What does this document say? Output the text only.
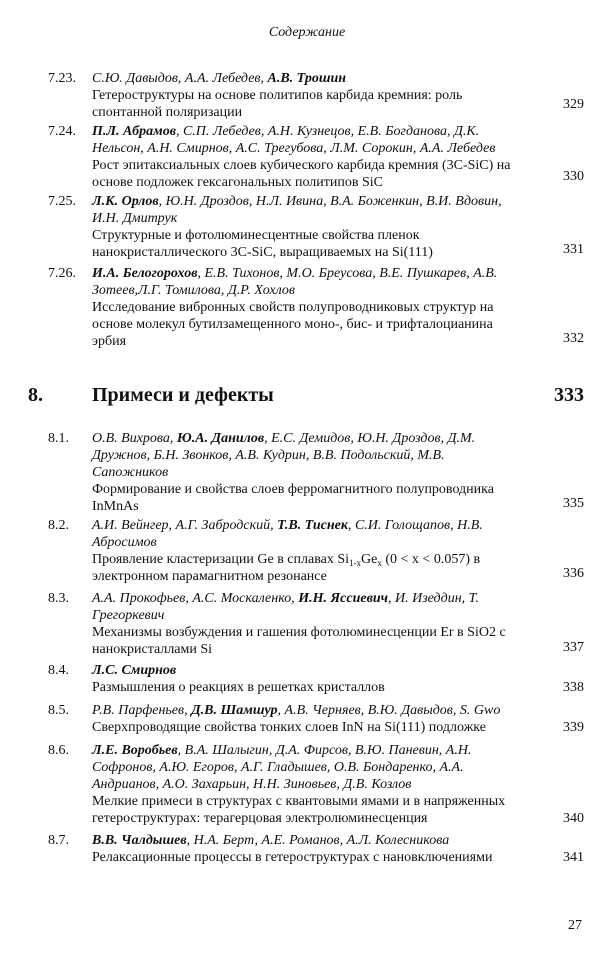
Содержание
7.23. С.Ю. Давыдов, А.А. Лебедев, А.В. Трошин
Гетероструктуры на основе политипов карбида кремния: роль спонтанной поляризации
329
7.24. П.Л. Абрамов, С.П. Лебедев, А.Н. Кузнецов, Е.В. Богданова, Д.К. Нельсон, А.Н. Смирнов, А.С. Трегубова, Л.М. Сорокин, А.А. Лебедев
Рост эпитаксиальных слоев кубического карбида кремния (3C-SiC) на основе подложек гексагональных политипов SiC	330
7.25. Л.К. Орлов, Ю.Н. Дроздов, Н.Л. Ивина, В.А. Боженкин, В.И. Вдовин, И.Н. Дмитрук
Структурные и фотолюминесцентные свойства пленок нанокристаллического 3C-SiC, выращиваемых на Si(111)	331
7.26. И.А. Белогорохов, Е.В. Тихонов, М.О. Бреусова, В.Е. Пушкарев, А.В. Зотеев,Л.Г. Томилова, Д.Р. Хохлов
Исследование вибронных свойств полупроводниковых структур на основе молекул бутилзамещенного моно-, бис- и трифталоцианина эрбия	332
8. Примеси и дефекты	333
8.1. О.В. Вихрова, Ю.А. Данилов, Е.С. Демидов, Ю.Н. Дроздов, Д.М. Дружнов, Б.Н. Звонков, А.В. Кудрин, В.В. Подольский, М.В. Сапожников
Формирование и свойства слоев ферромагнитного полупроводника InMnAs	335
8.2. А.И. Вейнгер, А.Г. Забродский, Т.В. Тиснек, С.И. Голощапов, Н.В. Абросимов
Проявление кластеризации Ge в сплавах $Si_{1-x}Ge_x$ (0 < x < 0.057) в электронном парамагнитном резонансе	336
8.3. А.А. Прокофьев, А.С. Москаленко, И.Н. Яссиевич, И. Изеддин, Т. Грегоркевич
Механизмы возбуждения и гашения фотолюминесценции Er в SiO2 с нанокристаллами Si	337
8.4. Л.С. Смирнов
Размышления о реакциях в решетках кристаллов	338
8.5. Р.В. Парфеньев, Д.В. Шамшур, А.В. Черняев, В.Ю. Давыдов, S. Gwo
Сверхпроводящие свойства тонких слоев InN на Si(111) подложке	339
8.6. Л.Е. Воробьев, В.А. Шалыгин, Д.А. Фирсов, В.Ю. Паневин, А.Н. Софронов, А.Ю. Егоров, А.Г. Гладышев, О.В. Бондаренко, А.А. Андрианов, А.О. Захарьин, Н.Н. Зиновьев, Д.В. Козлов
Мелкие примеси в структурах с квантовыми ямами и в напряженных гетероструктурах: терагерцовая электролюминесценция	340
8.7. В.В. Чалдышев, Н.А. Берт, А.Е. Романов, А.Л. Колесникова
Релаксационные процессы в гетероструктурах с нановключениями	341
27
